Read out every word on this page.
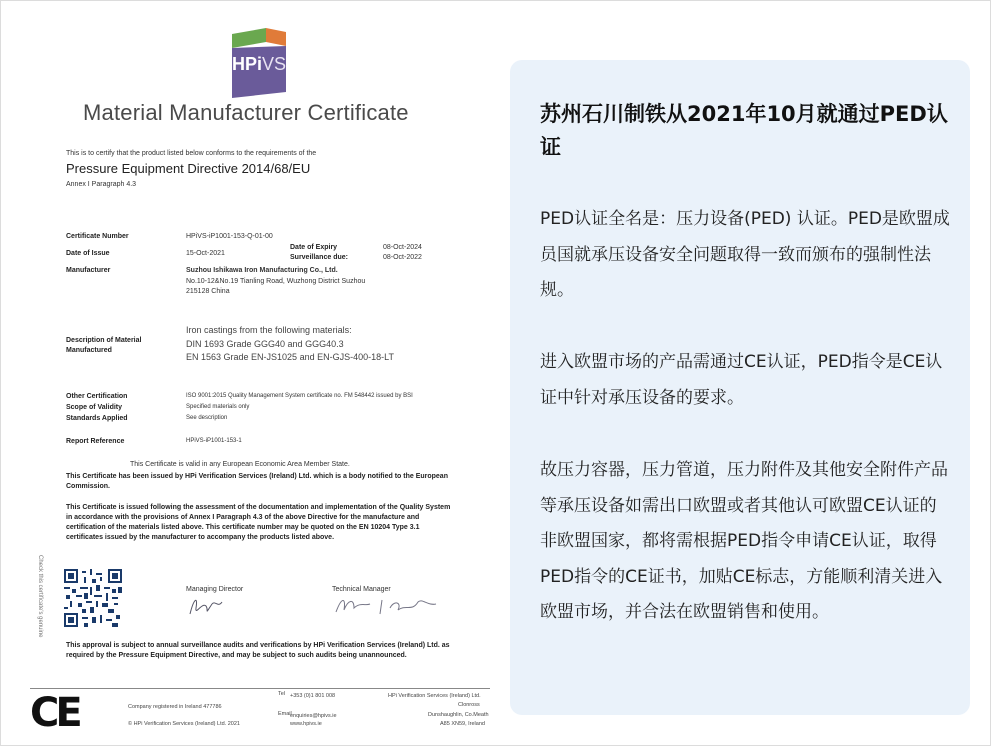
HPiVS
Material Manufacturer Certificate
This is to certify that the product listed below conforms to the requirements of the
Pressure Equipment Directive 2014/68/EU
Annex I Paragraph 4.3
Certificate Number	HPiVS-iP1001-153-Q-01-00
Date of Issue	15-Oct-2021
Date of Expiry	08-Oct-2024
Surveillance due:	08-Oct-2022
Manufacturer	Suzhou Ishikawa Iron Manufacturing Co., Ltd.
No.10-12&No.19 Tianling Road, Wuzhong District Suzhou
215128 China
Description of Material
Manufactured
Iron castings from the following materials:
DIN 1693 Grade GGG40 and GGG40.3
EN 1563 Grade EN-JS1025 and EN-GJS-400-18-LT
Other Certification	ISO 9001:2015 Quality Management System certificate no. FM 548442 issued by BSI
Scope of Validity	Specified materials only
Standards Applied	See description
Report Reference	HPiVS-iP1001-153-1
This Certificate is valid in any European Economic Area Member State.
This Certificate has been issued by HPi Verification Services (Ireland) Ltd. which is a body notified to the European Commission.
This Certificate is issued following the assessment of the documentation and implementation of the Quality System in accordance with the provisions of Annex I Paragraph 4.3 of the above Directive for the manufacture and certification of the materials listed above. This certificate number may be quoted on the EN 10204 Type 3.1 certificates issued by the manufacturer to accompany the products listed above.
Check this certificate's genuine	Managing Director	Technical Manager
This approval is subject to annual surveillance audits and verifications by HPi Verification Services (Ireland) Ltd. as required by the Pressure Equipment Directive, and may be subject to such audits being unannounced.
CE	Company registered in Ireland 477786
© HPi Verification Services (Ireland) Ltd. 2021
Tel +353 (0)1 801 008
Email
enquiries@hpivs.ie
www.hpivs.ie
HPi Verification Services (Ireland) Ltd.
Clonross
Dunshaughlin, Co.Meath
A85 XN59, Ireland
苏州石川制铁从2021年10月就通过PED认证
PED认证全名是：压力设备(PED) 认证。PED是欧盟成员国就承压设备安全问题取得一致而颁布的强制性法规。
进入欧盟市场的产品需通过CE认证，PED指令是CE认证中针对承压设备的要求。
故压力容器，压力管道，压力附件及其他安全附件产品等承压设备如需出口欧盟或者其他认可欧盟CE认证的非欧盟国家，都将需根据PED指令申请CE认证，取得PED指令的CE证书，加贴CE标志，方能顺利清关进入欧盟市场，并合法在欧盟销售和使用。
